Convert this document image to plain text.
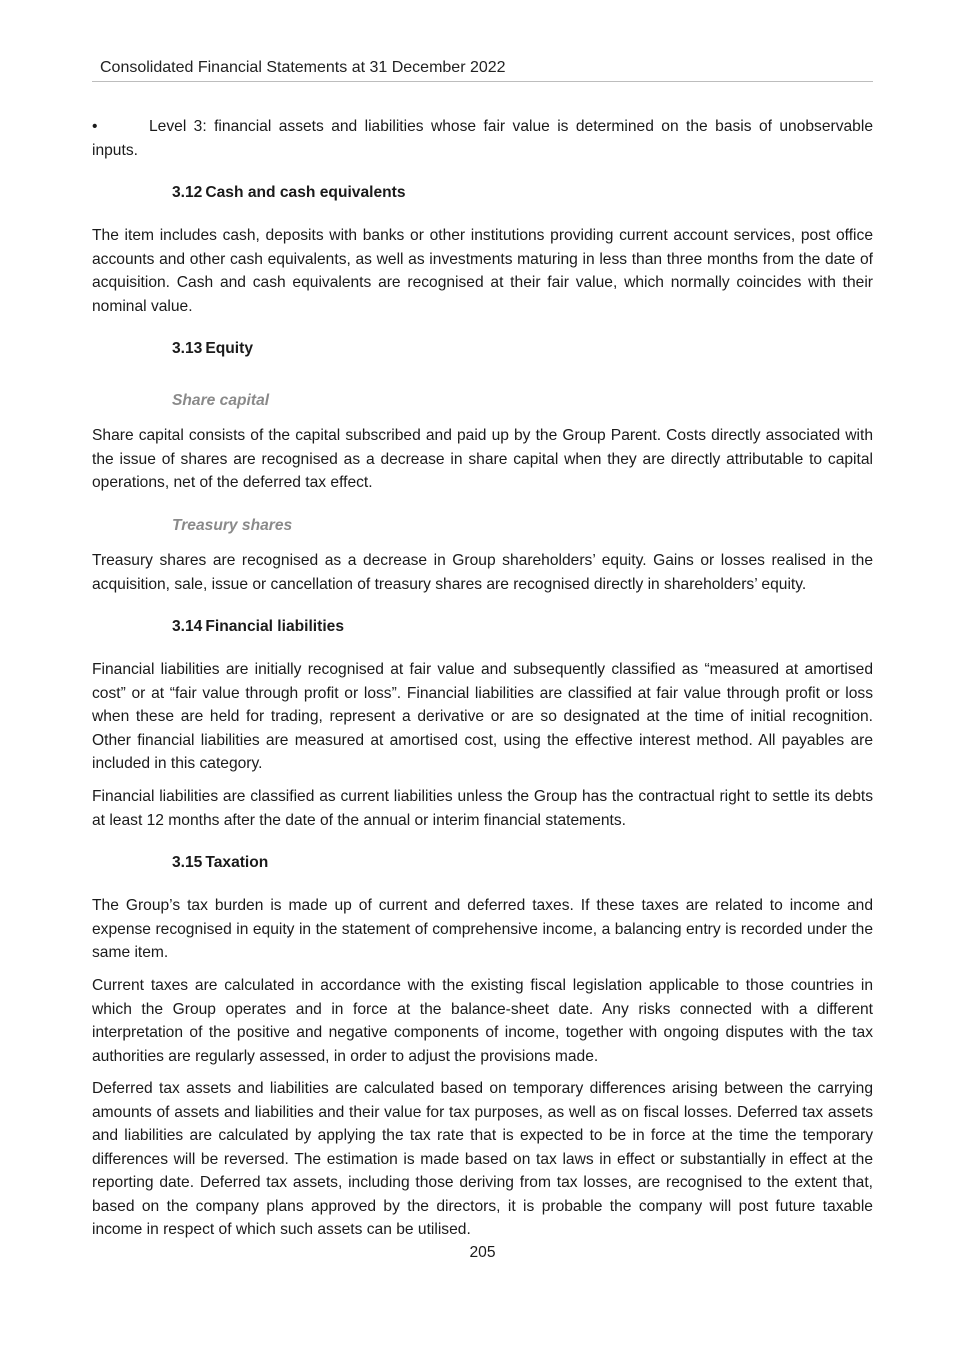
Consolidated Financial Statements at 31 December 2022

•	Level 3: financial assets and liabilities whose fair value is determined on the basis of unobservable inputs.

3.12 Cash and cash equivalents

The item includes cash, deposits with banks or other institutions providing current account services, post office accounts and other cash equivalents, as well as investments maturing in less than three months from the date of acquisition. Cash and cash equivalents are recognised at their fair value, which normally coincides with their nominal value.

3.13 Equity
Share capital

Share capital consists of the capital subscribed and paid up by the Group Parent. Costs directly associated with the issue of shares are recognised as a decrease in share capital when they are directly attributable to capital operations, net of the deferred tax effect.

Treasury shares

Treasury shares are recognised as a decrease in Group shareholders’ equity. Gains or losses realised in the acquisition, sale, issue or cancellation of treasury shares are recognised directly in shareholders’ equity.

3.14 Financial liabilities

Financial liabilities are initially recognised at fair value and subsequently classified as “measured at amortised cost” or at “fair value through profit or loss”. Financial liabilities are classified at fair value through profit or loss when these are held for trading, represent a derivative or are so designated at the time of initial recognition. Other financial liabilities are measured at amortised cost, using the effective interest method. All payables are included in this category.

Financial liabilities are classified as current liabilities unless the Group has the contractual right to settle its debts at least 12 months after the date of the annual or interim financial statements.

3.15 Taxation

The Group’s tax burden is made up of current and deferred taxes. If these taxes are related to income and expense recognised in equity in the statement of comprehensive income, a balancing entry is recorded under the same item.

Current taxes are calculated in accordance with the existing fiscal legislation applicable to those countries in which the Group operates and in force at the balance-sheet date. Any risks connected with a different interpretation of the positive and negative components of income, together with ongoing disputes with the tax authorities are regularly assessed, in order to adjust the provisions made.

Deferred tax assets and liabilities are calculated based on temporary differences arising between the carrying amounts of assets and liabilities and their value for tax purposes, as well as on fiscal losses. Deferred tax assets and liabilities are calculated by applying the tax rate that is expected to be in force at the time the temporary differences will be reversed. The estimation is made based on tax laws in effect or substantially in effect at the reporting date. Deferred tax assets, including those deriving from tax losses, are recognised to the extent that, based on the company plans approved by the directors, it is probable the company will post future taxable income in respect of which such assets can be utilised.

205
